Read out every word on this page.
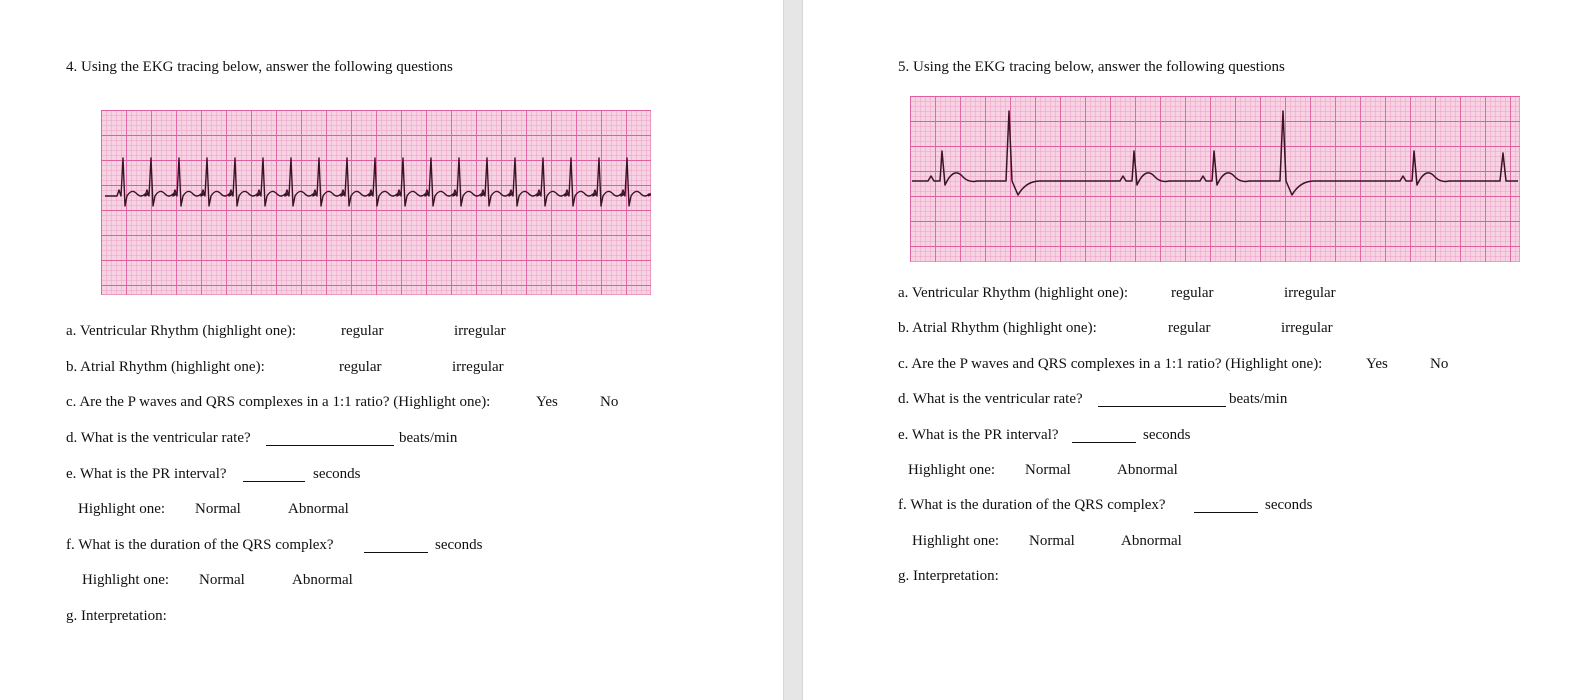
4. Using the EKG tracing below, answer the following questions
a. Ventricular Rhythm (highlight one):	regular	irregular
b. Atrial Rhythm (highlight one):	regular	irregular
c. Are the P waves and QRS complexes in a 1:1 ratio? (Highlight one):	Yes	No
d. What is the ventricular rate?	beats/min
e. What is the PR interval?	seconds
Highlight one: Normal	Abnormal
f. What is the duration of the QRS complex?	seconds
Highlight one: Normal	Abnormal
g. Interpretation:
5. Using the EKG tracing below, answer the following questions
a. Ventricular Rhythm (highlight one):	regular	irregular
b. Atrial Rhythm (highlight one):	regular	irregular
c. Are the P waves and QRS complexes in a 1:1 ratio? (Highlight one):	Yes	No
d. What is the ventricular rate?	beats/min
e. What is the PR interval?	seconds
Highlight one: Normal	Abnormal
f. What is the duration of the QRS complex?	seconds
Highlight one: Normal	Abnormal
g. Interpretation:
